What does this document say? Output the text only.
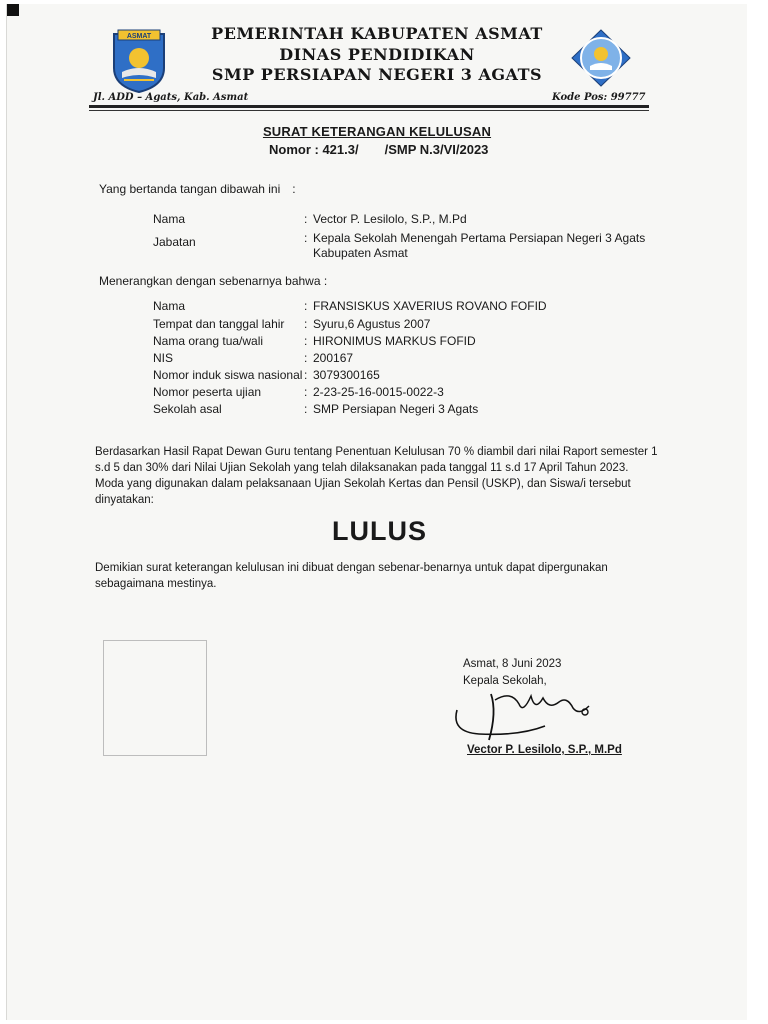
ASMAT	PEMERINTAH KABUPATEN ASMAT
DINAS PENDIDIKAN
SMP PERSIAPAN NEGERI 3 AGATS
Jl. ADD – Agats, Kab. Asmat	Kode Pos: 99777
SURAT KETERANGAN KELULUSAN
Nomor : 421.3/ /SMP N.3/VI/2023
Yang bertanda tangan dibawah ini :
Nama	: Vector P. Lesilolo, S.P., M.Pd
Jabatan	: Kepala Sekolah Menengah Pertama Persiapan Negeri 3 Agats
Kabupaten Asmat
Menerangkan dengan sebenarnya bahwa :
Nama	: FRANSISKUS XAVERIUS ROVANO FOFID
Tempat dan tanggal lahir : Syuru,6 Agustus 2007
Nama orang tua/wali	: HIRONIMUS MARKUS FOFID
NIS	: 200167
Nomor induk siswa nasional : 3079300165
Nomor peserta ujian	: 2-23-25-16-0015-0022-3
Sekolah asal	: SMP Persiapan Negeri 3 Agats
Berdasarkan Hasil Rapat Dewan Guru tentang Penentuan Kelulusan 70 % diambil dari nilai Raport semester 1
s.d 5 dan 30% dari Nilai Ujian Sekolah yang telah dilaksanakan pada tanggal 11 s.d 17 April Tahun 2023.
Moda yang digunakan dalam pelaksanaan Ujian Sekolah Kertas dan Pensil (USKP), dan Siswa/i tersebut
dinyatakan:
LULUS
Demikian surat keterangan kelulusan ini dibuat dengan sebenar-benarnya untuk dapat dipergunakan
sebagaimana mestinya.
Asmat, 8 Juni 2023
Kepala Sekolah,
Vector P. Lesilolo, S.P., M.Pd
